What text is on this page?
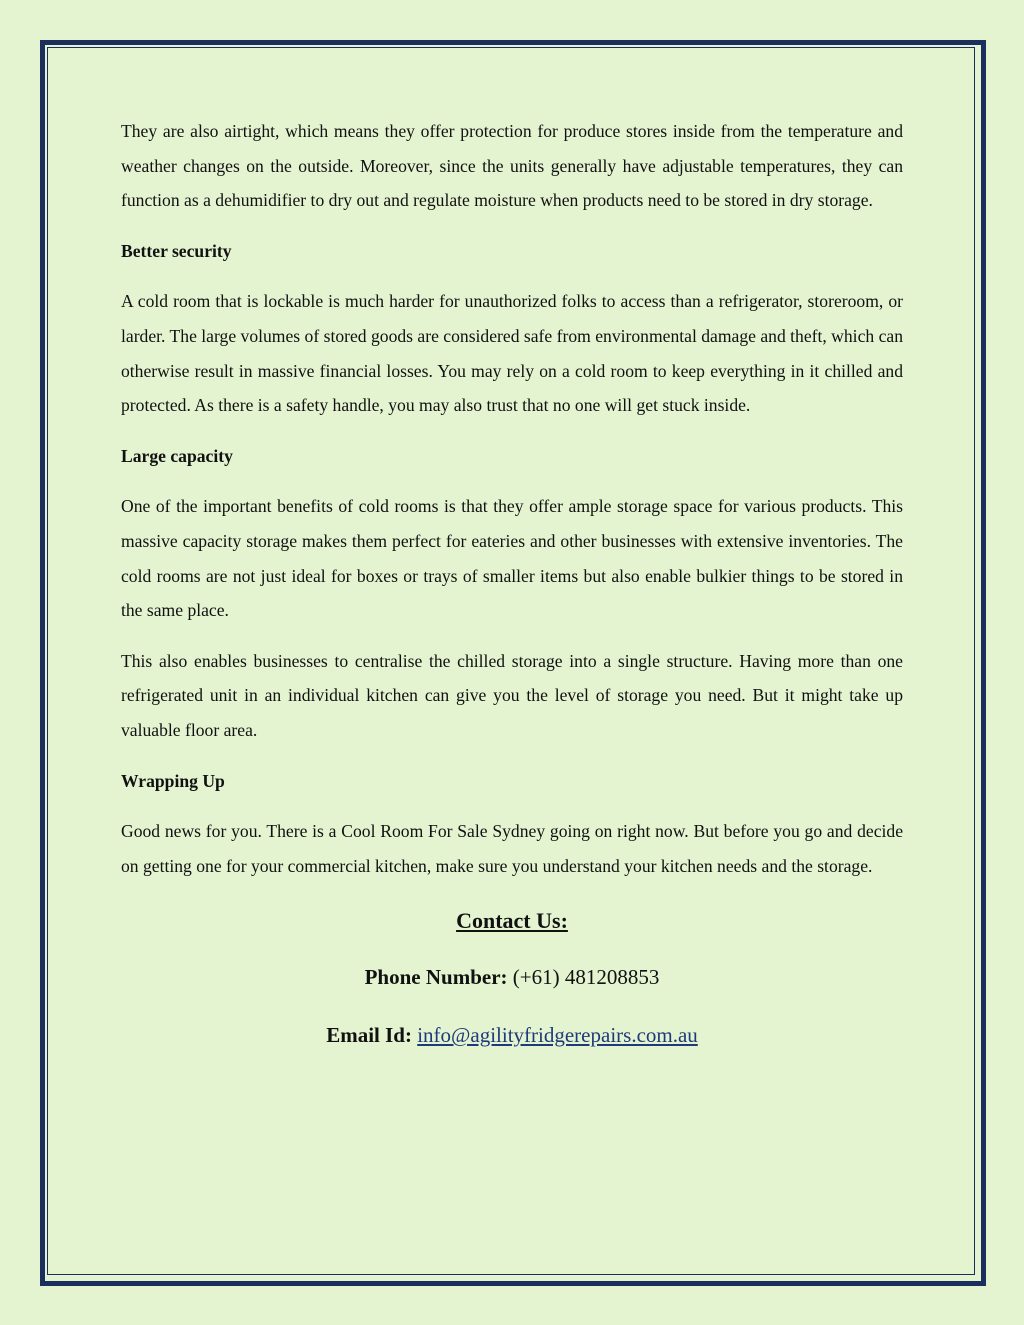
They are also airtight, which means they offer protection for produce stores inside from the temperature and weather changes on the outside. Moreover, since the units generally have adjustable temperatures, they can function as a dehumidifier to dry out and regulate moisture when products need to be stored in dry storage.

Better security

A cold room that is lockable is much harder for unauthorized folks to access than a refrigerator, storeroom, or larder. The large volumes of stored goods are considered safe from environmental damage and theft, which can otherwise result in massive financial losses. You may rely on a cold room to keep everything in it chilled and protected. As there is a safety handle, you may also trust that no one will get stuck inside.

Large capacity

One of the important benefits of cold rooms is that they offer ample storage space for various products. This massive capacity storage makes them perfect for eateries and other businesses with extensive inventories. The cold rooms are not just ideal for boxes or trays of smaller items but also enable bulkier things to be stored in the same place.

This also enables businesses to centralise the chilled storage into a single structure. Having more than one refrigerated unit in an individual kitchen can give you the level of storage you need. But it might take up valuable floor area.

Wrapping Up

Good news for you. There is a Cool Room For Sale Sydney going on right now. But before you go and decide on getting one for your commercial kitchen, make sure you understand your kitchen needs and the storage.

Contact Us:
Phone Number: (+61) 481208853
Email Id: info@agilityfridgerepairs.com.au
